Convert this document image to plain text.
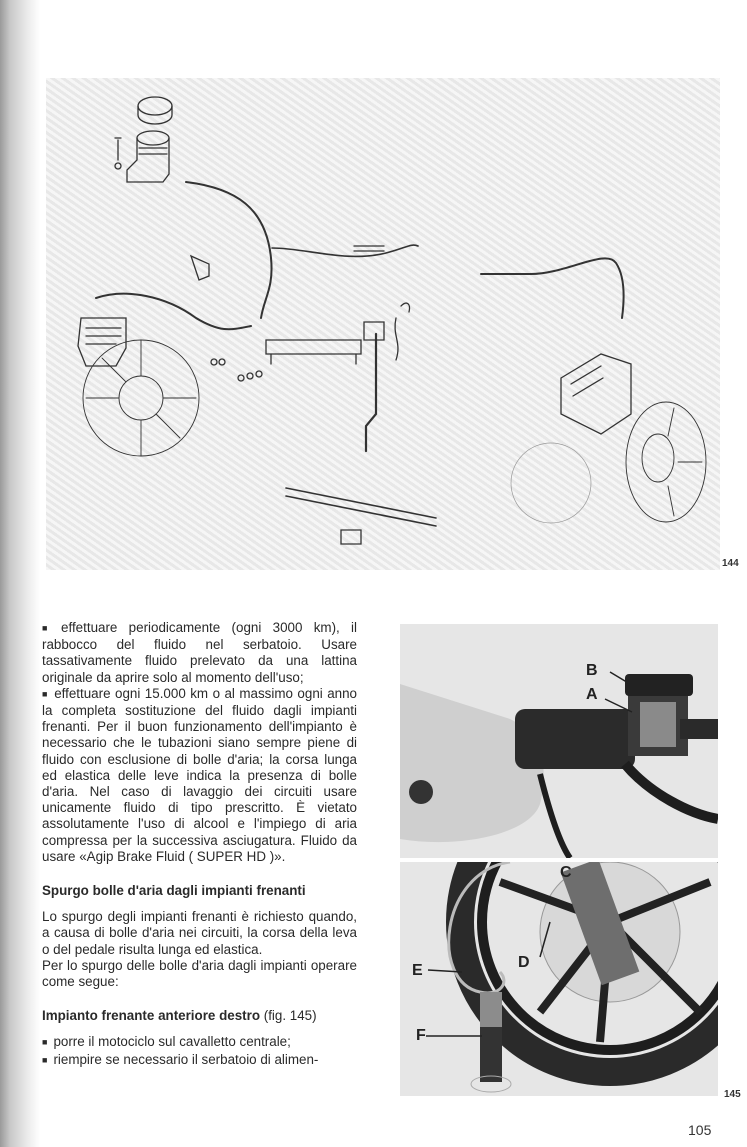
144

■ effettuare periodicamente (ogni 3000 km), il rabbocco del fluido nel serbatoio. Usare tassativamente fluido prelevato da una lattina originale da aprire solo al momento dell'uso;

■ effettuare ogni 15.000 km o al massimo ogni anno la completa sostituzione del fluido dagli impianti frenanti. Per il buon funzionamento dell'impianto è necessario che le tubazioni siano sempre piene di fluido con esclusione di bolle d'aria; la corsa lunga ed elastica delle leve indica la presenza di bolle d'aria. Nel caso di lavaggio dei circuiti usare unicamente fluido di tipo prescritto. È vietato assolutamente l'uso di alcool e l'impiego di aria compressa per la successiva asciugatura. Fluido da usare «Agip Brake Fluid ( SUPER HD )».

Spurgo bolle d'aria dagli impianti frenanti

Lo spurgo degli impianti frenanti è richiesto quando, a causa di bolle d'aria nei circuiti, la corsa della leva o del pedale risulta lunga ed elastica.

Per lo spurgo delle bolle d'aria dagli impianti operare come segue:

Impianto frenante anteriore destro (fig. 145)

■ porre il motociclo sul cavalletto centrale;

■ riempire se necessario il serbatoio di alimen-

B
A
C
D
E
F
145
105
